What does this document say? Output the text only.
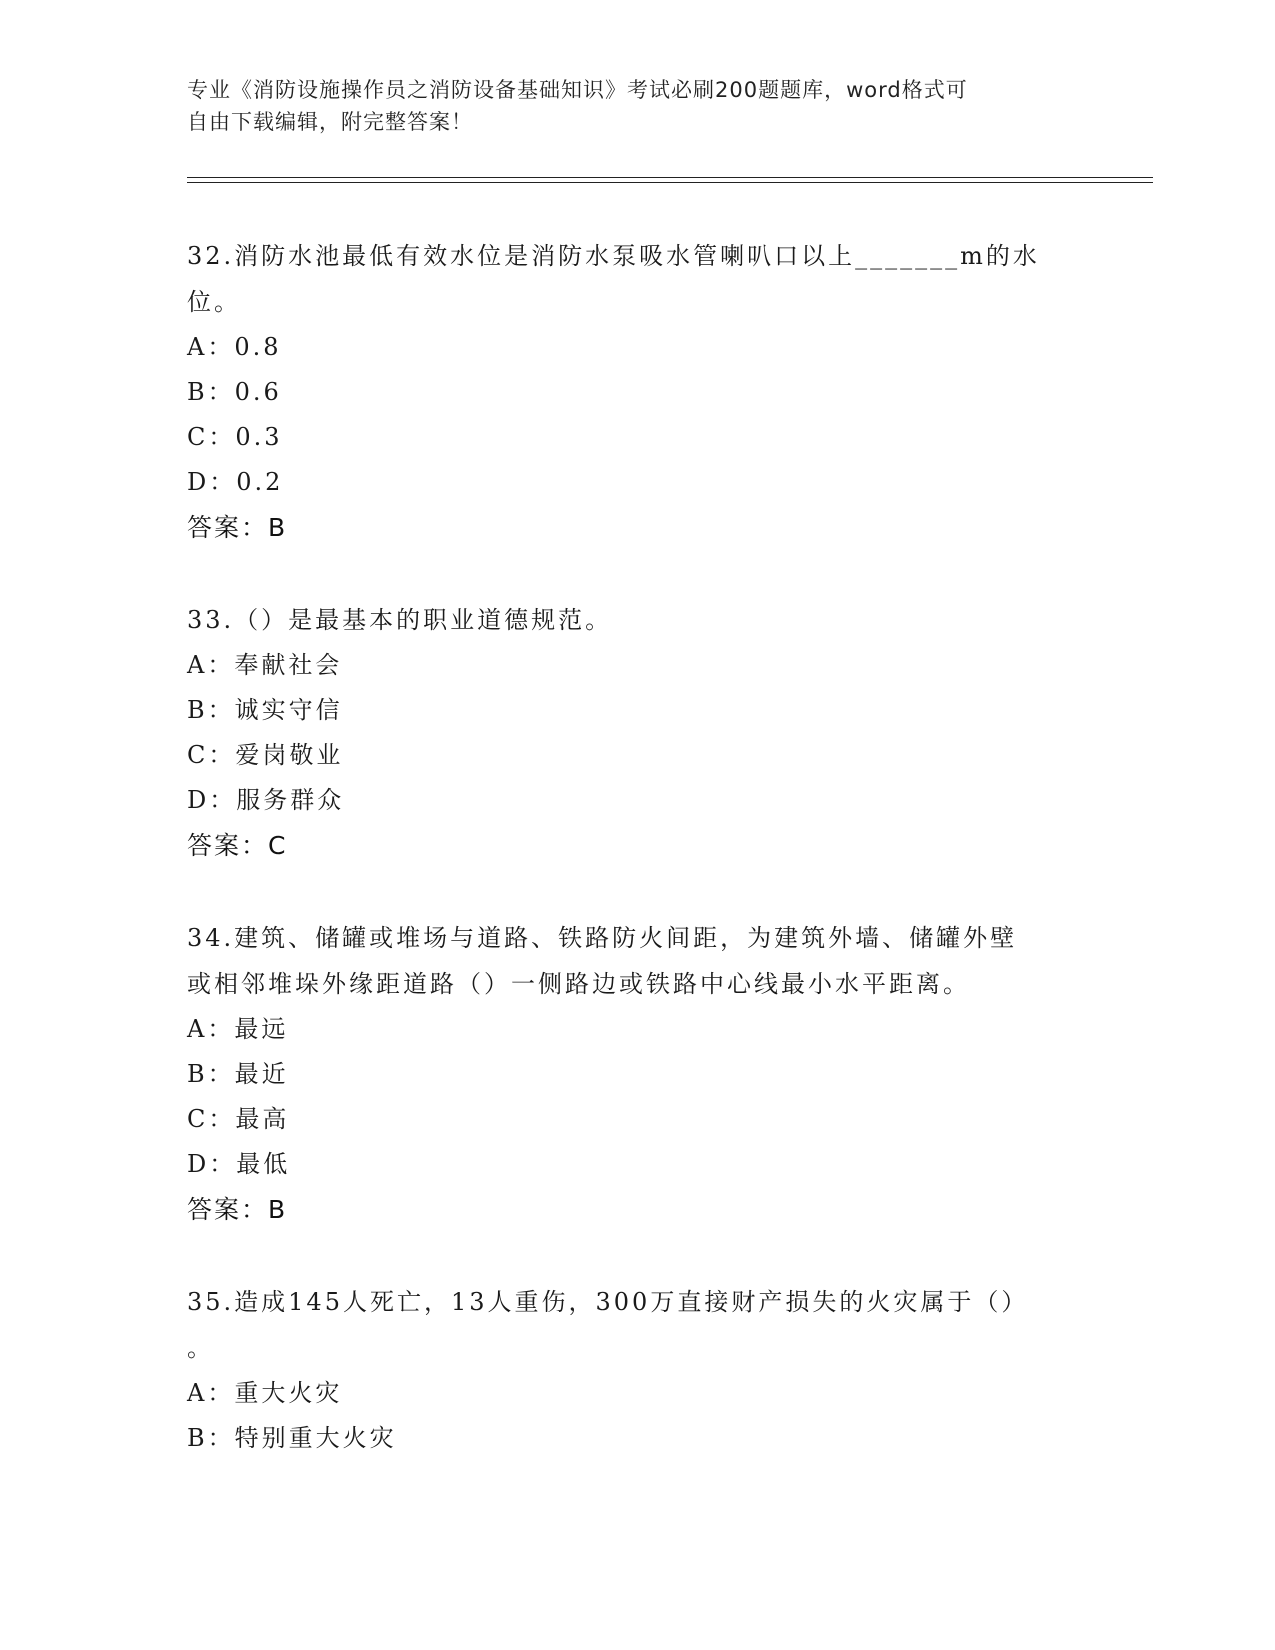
专业《消防设施操作员之消防设备基础知识》考试必刷200题题库，word格式可
自由下载编辑，附完整答案！

32.消防水池最低有效水位是消防水泵吸水管喇叭口以上_______m的水

位。

A：0.8

B：0.6

C：0.3

D：0.2

答案：B

33.（）是最基本的职业道德规范。

A：奉献社会

B：诚实守信

C：爱岗敬业

D：服务群众

答案：C

34.建筑、储罐或堆场与道路、铁路防火间距，为建筑外墙、储罐外壁

或相邻堆垛外缘距道路（）一侧路边或铁路中心线最小水平距离。

A：最远

B：最近

C：最高

D：最低

答案：B

35.造成145人死亡，13人重伤，300万直接财产损失的火灾属于（）

。

A：重大火灾

B：特别重大火灾
